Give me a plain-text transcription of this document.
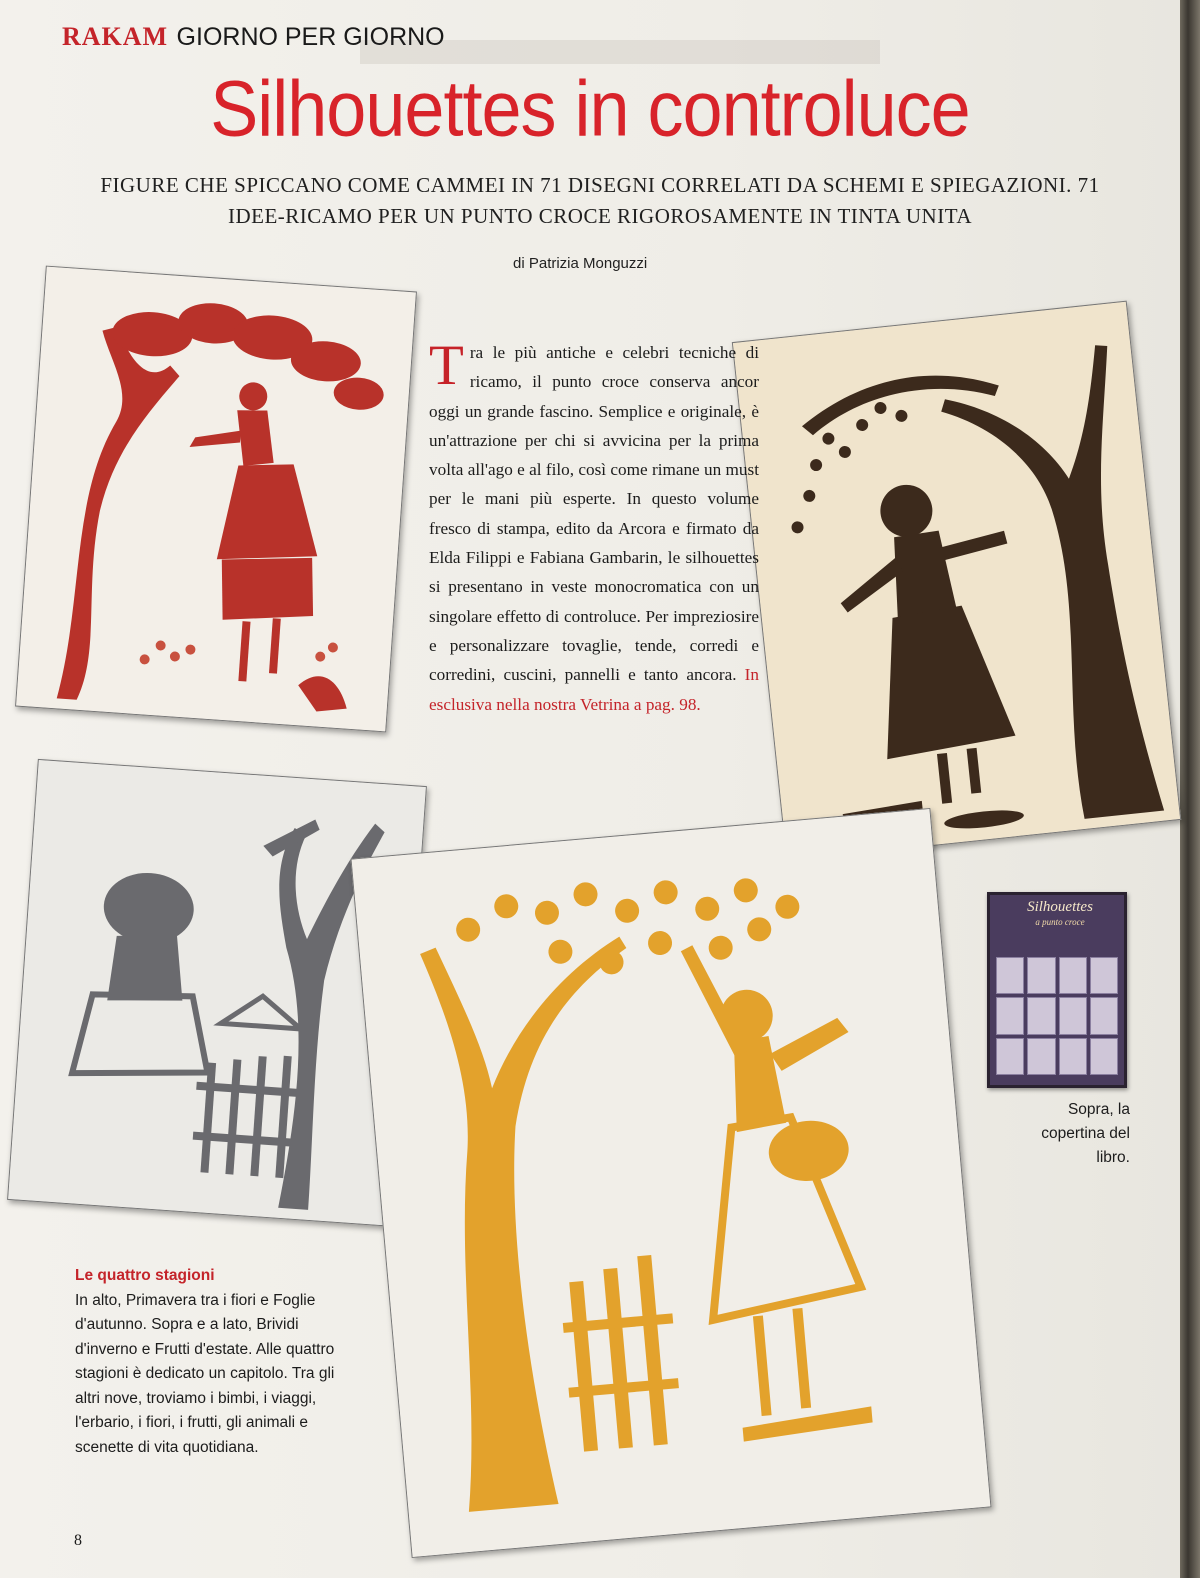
RAKAM GIORNO PER GIORNO
Silhouettes in controluce
FIGURE CHE SPICCANO COME CAMMEI IN 71 DISEGNI CORRELATI DA SCHEMI E SPIEGAZIONI. 71 IDEE-RICAMO PER UN PUNTO CROCE RIGOROSAMENTE IN TINTA UNITA
di Patrizia Monguzzi
Tra le più antiche e celebri tecniche di ricamo, il punto croce conserva ancor oggi un grande fascino. Semplice e originale, è un'attrazione per chi si avvicina per la prima volta all'ago e al filo, così come rimane un must per le mani più esperte. In questo volume fresco di stampa, edito da Arcora e firmato da Elda Filippi e Fabiana Gambarin, le silhouettes si presentano in veste monocromatica con un singolare effetto di controluce. Per impreziosire e personalizzare tovaglie, tende, corredi e corredini, cuscini, pannelli e tanto ancora. In esclusiva nella nostra Vetrina a pag. 98.
Le quattro stagioni
In alto, Primavera tra i fiori e Foglie d'autunno. Sopra e a lato, Brividi d'inverno e Frutti d'estate. Alle quattro stagioni è dedicato un capitolo. Tra gli altri nove, troviamo i bimbi, i viaggi, l'erbario, i fiori, i frutti, gli animali e scenette di vita quotidiana.
Silhouettes
a punto croce
Sopra, la copertina del libro.
8
